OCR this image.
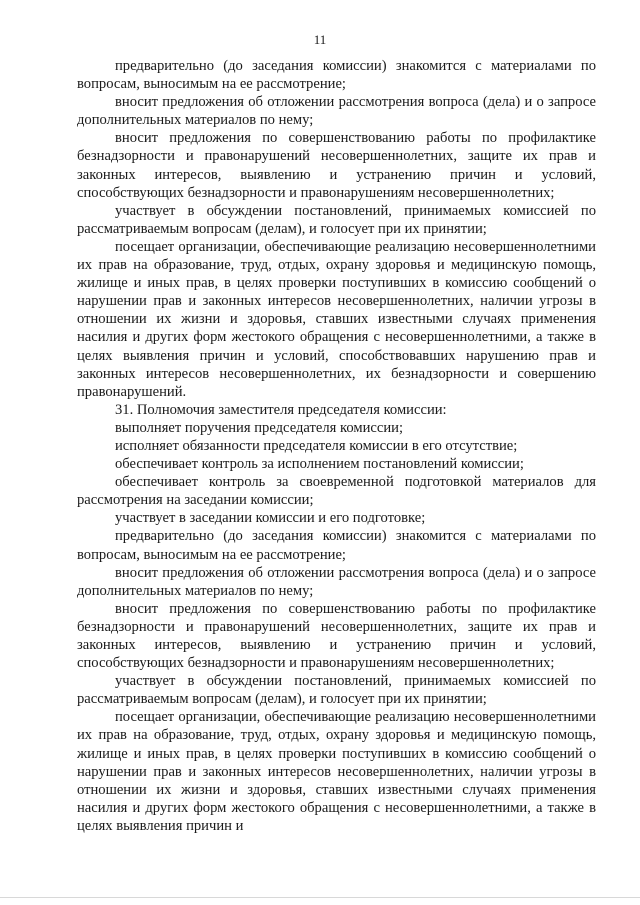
11

предварительно (до заседания комиссии) знакомится с материалами по вопросам, выносимым на ее рассмотрение;

вносит предложения об отложении рассмотрения вопроса (дела) и о запросе дополнительных материалов по нему;

вносит предложения по совершенствованию работы по профилактике безнадзорности и правонарушений несовершеннолетних, защите их прав и законных интересов, выявлению и устранению причин и условий, способствующих безнадзорности и правонарушениям несовершеннолетних;

участвует в обсуждении постановлений, принимаемых комиссией по рассматриваемым вопросам (делам), и голосует при их принятии;

посещает организации, обеспечивающие реализацию несовершеннолетними их прав на образование, труд, отдых, охрану здоровья и медицинскую помощь, жилище и иных прав, в целях проверки поступивших в комиссию сообщений о нарушении прав и законных интересов несовершеннолетних, наличии угрозы в отношении их жизни и здоровья, ставших известными случаях применения насилия и других форм жестокого обращения с несовершеннолетними, а также в целях выявления причин и условий, способствовавших нарушению прав и законных интересов несовершеннолетних, их безнадзорности и совершению правонарушений.

31. Полномочия заместителя председателя комиссии:

выполняет поручения председателя комиссии;

исполняет обязанности председателя комиссии в его отсутствие;

обеспечивает контроль за исполнением постановлений комиссии;

обеспечивает контроль за своевременной подготовкой материалов для рассмотрения на заседании комиссии;

участвует в заседании комиссии и его подготовке;

предварительно (до заседания комиссии) знакомится с материалами по вопросам, выносимым на ее рассмотрение;

вносит предложения об отложении рассмотрения вопроса (дела) и о запросе дополнительных материалов по нему;

вносит предложения по совершенствованию работы по профилактике безнадзорности и правонарушений несовершеннолетних, защите их прав и законных интересов, выявлению и устранению причин и условий, способствующих безнадзорности и правонарушениям несовершеннолетних;

участвует в обсуждении постановлений, принимаемых комиссией по рассматриваемым вопросам (делам), и голосует при их принятии;

посещает организации, обеспечивающие реализацию несовершеннолетними их прав на образование, труд, отдых, охрану здоровья и медицинскую помощь, жилище и иных прав, в целях проверки поступивших в комиссию сообщений о нарушении прав и законных интересов несовершеннолетних, наличии угрозы в отношении их жизни и здоровья, ставших известными случаях применения насилия и других форм жестокого обращения с несовершеннолетними, а также в целях выявления причин и
